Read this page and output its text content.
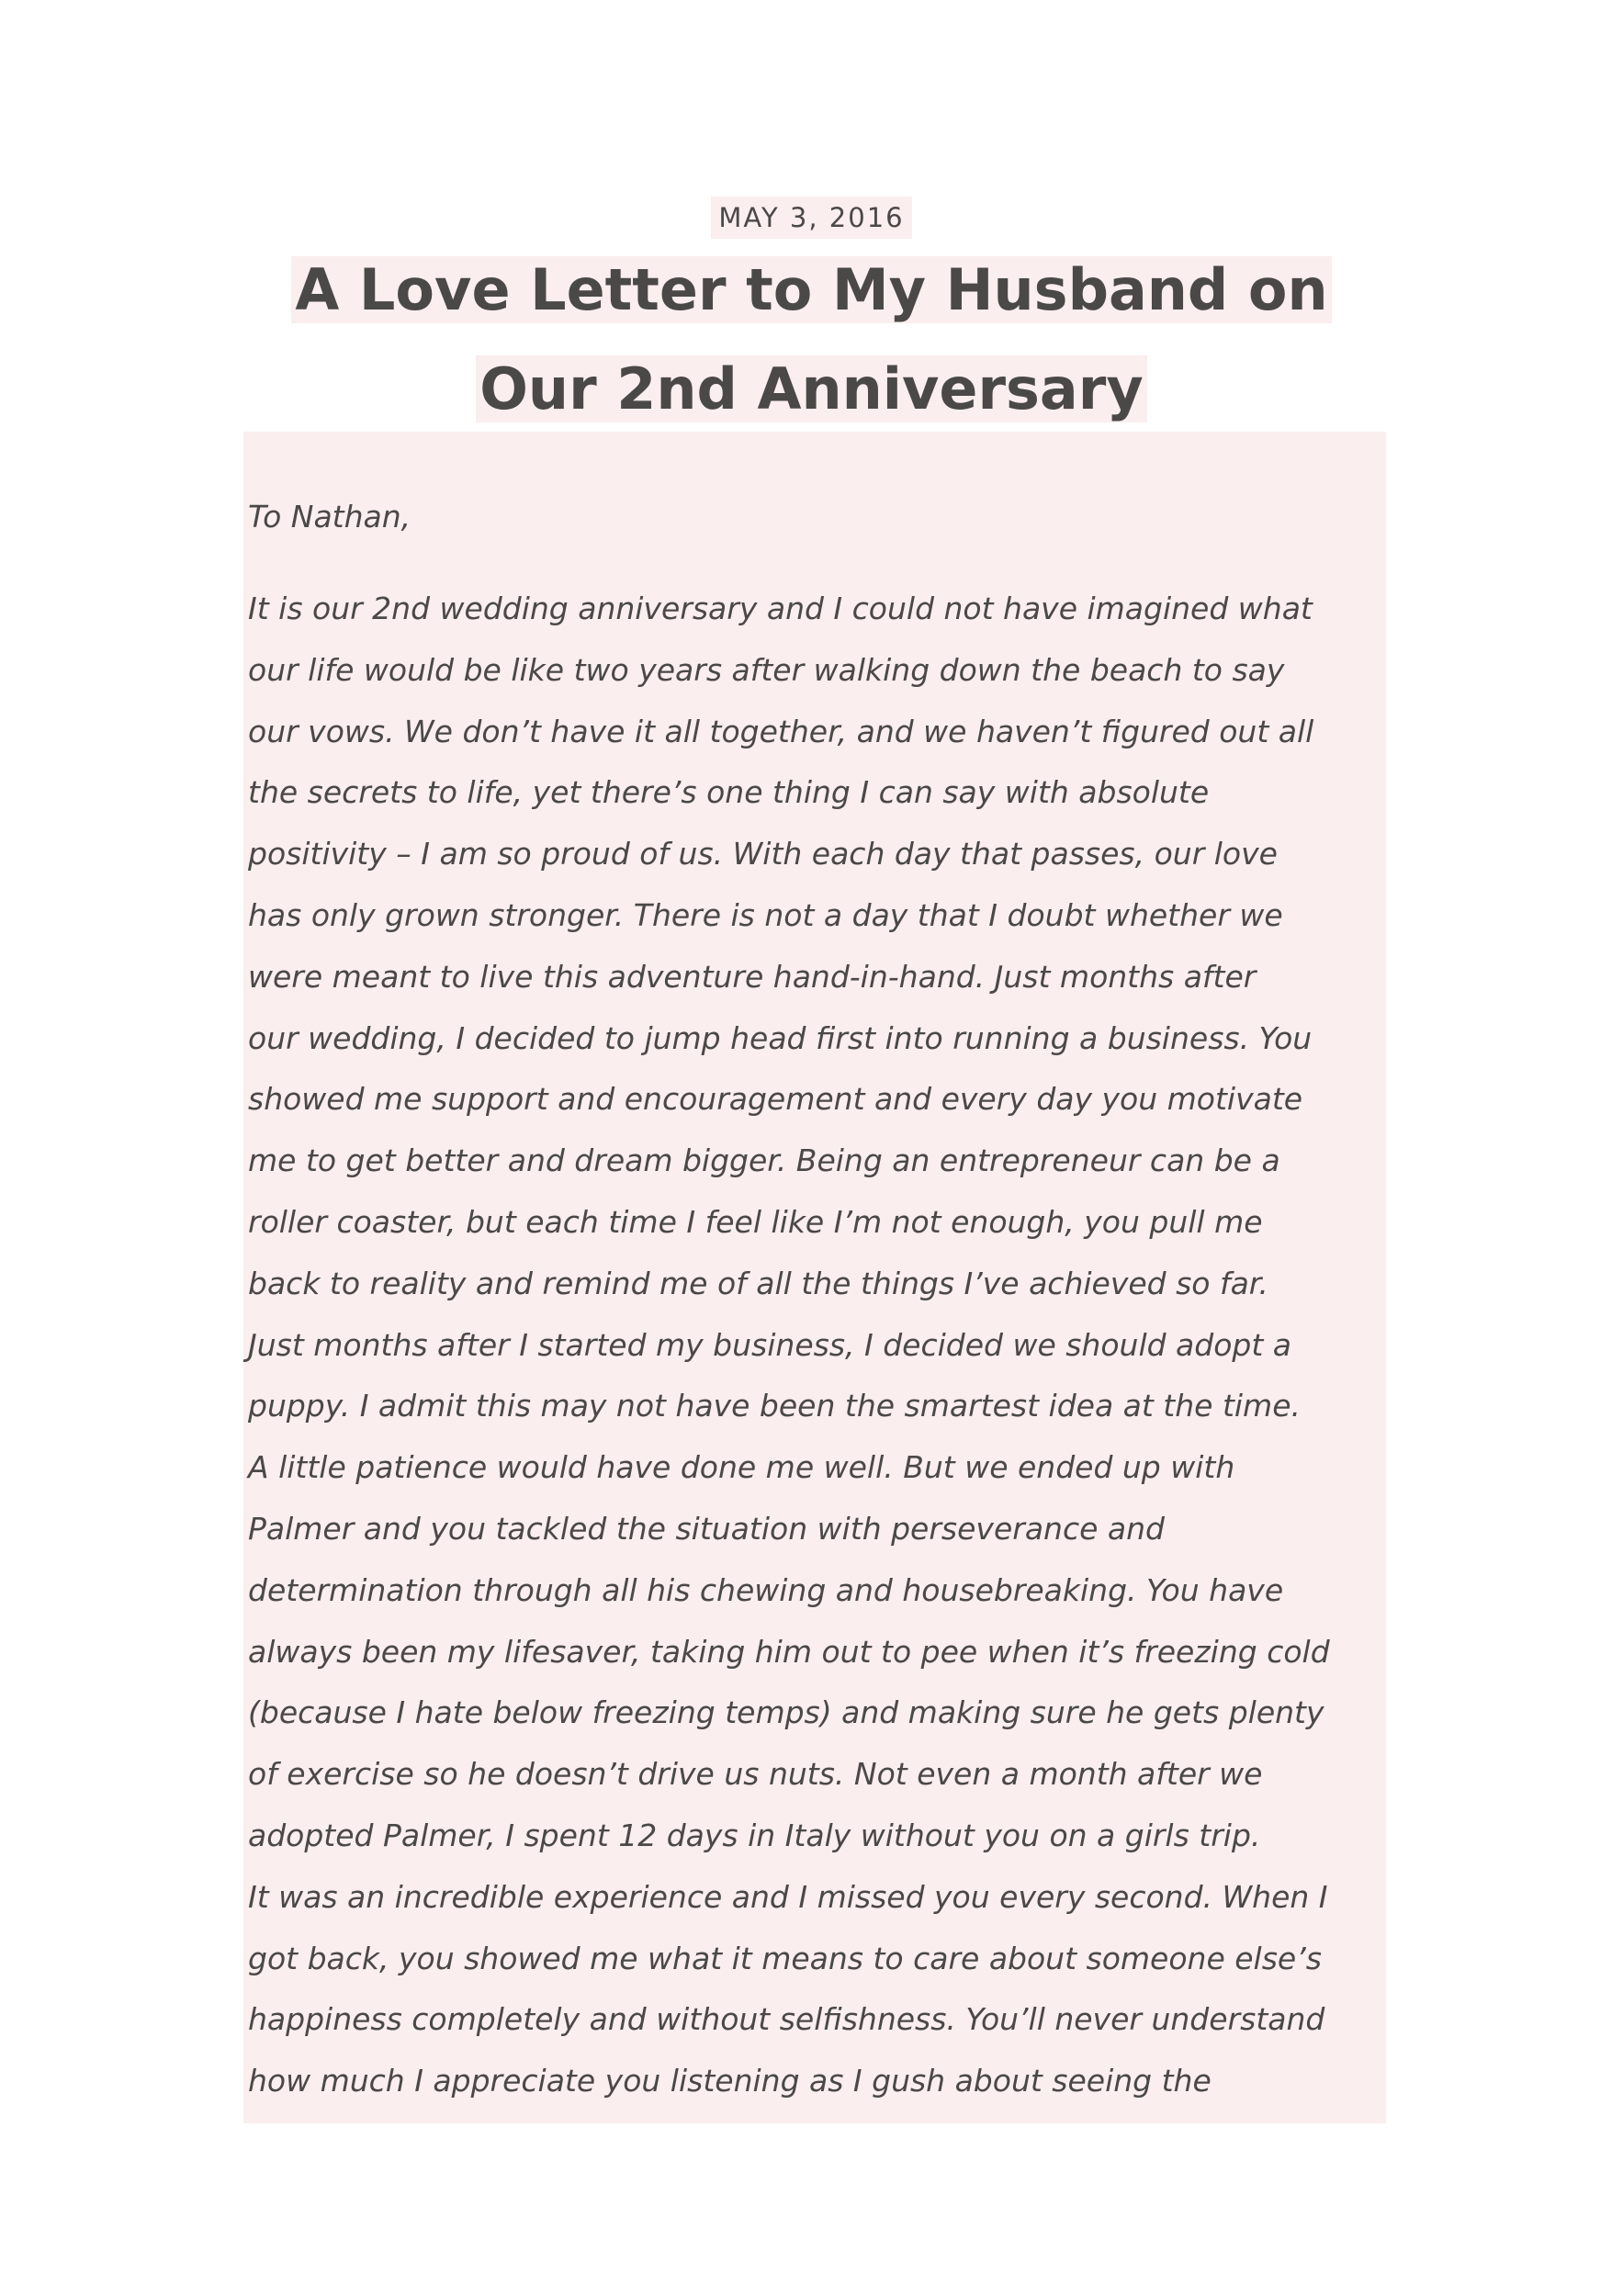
MAY 3, 2016
A Love Letter to My Husband on Our 2nd Anniversary

To Nathan,

It is our 2nd wedding anniversary and I could not have imagined what
our life would be like two years after walking down the beach to say
our vows. We don’t have it all together, and we haven’t figured out all
the secrets to life, yet there’s one thing I can say with absolute
positivity – I am so proud of us. With each day that passes, our love
has only grown stronger. There is not a day that I doubt whether we
were meant to live this adventure hand-in-hand. Just months after
our wedding, I decided to jump head first into running a business. You
showed me support and encouragement and every day you motivate
me to get better and dream bigger. Being an entrepreneur can be a
roller coaster, but each time I feel like I’m not enough, you pull me
back to reality and remind me of all the things I’ve achieved so far.
Just months after I started my business, I decided we should adopt a
puppy. I admit this may not have been the smartest idea at the time.
A little patience would have done me well. But we ended up with
Palmer and you tackled the situation with perseverance and
determination through all his chewing and housebreaking. You have
always been my lifesaver, taking him out to pee when it’s freezing cold
(because I hate below freezing temps) and making sure he gets plenty
of exercise so he doesn’t drive us nuts. Not even a month after we
adopted Palmer, I spent 12 days in Italy without you on a girls trip.
It was an incredible experience and I missed you every second. When I
got back, you showed me what it means to care about someone else’s
happiness completely and without selfishness. You’ll never understand
how much I appreciate you listening as I gush about seeing the
